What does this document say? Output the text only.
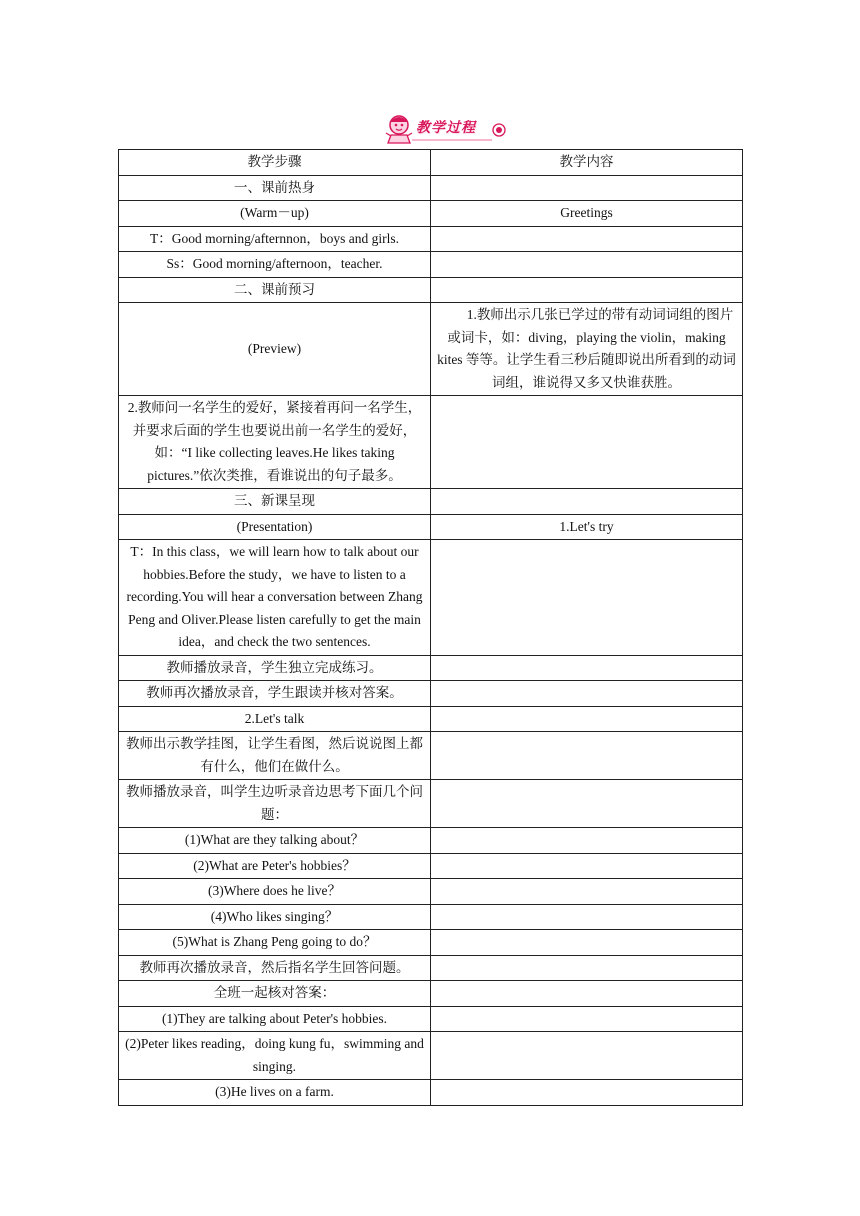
教学过程
教学步骤	教学内容
一、课前热身	
(Warm－up)	Greetings
T：Good morning/afternnon，boys and girls.	
Ss：Good morning/afternoon，teacher.	
二、课前预习	
(Preview)	1.教师出示几张已学过的带有动词词组的图片或词卡，如：diving，playing the violin，making kites 等等。让学生看三秒后随即说出所看到的动词词组，谁说得又多又快谁获胜。
2.教师问一名学生的爱好，紧接着再问一名学生，并要求后面的学生也要说出前一名学生的爱好，如：“I like collecting leaves.He likes taking pictures.”依次类推，看谁说出的句子最多。	
三、新课呈现	
(Presentation)	1.Let's try
T：In this class，we will learn how to talk about our hobbies.Before the study，we have to listen to a recording.You will hear a conversation between Zhang Peng and Oliver.Please listen carefully to get the main idea，and check the two sentences.	
教师播放录音，学生独立完成练习。	
教师再次播放录音，学生跟读并核对答案。	
2.Let's talk	
教师出示教学挂图，让学生看图，然后说说图上都有什么，他们在做什么。	
教师播放录音，叫学生边听录音边思考下面几个问题：	
(1)What are they talking about？	
(2)What are Peter's hobbies？	
(3)Where does he live？	
(4)Who likes singing？	
(5)What is Zhang Peng going to do？	
教师再次播放录音，然后指名学生回答问题。	
全班一起核对答案：	
(1)They are talking about Peter's hobbies.	
(2)Peter likes reading，doing kung fu，swimming and singing.	
(3)He lives on a farm.	
